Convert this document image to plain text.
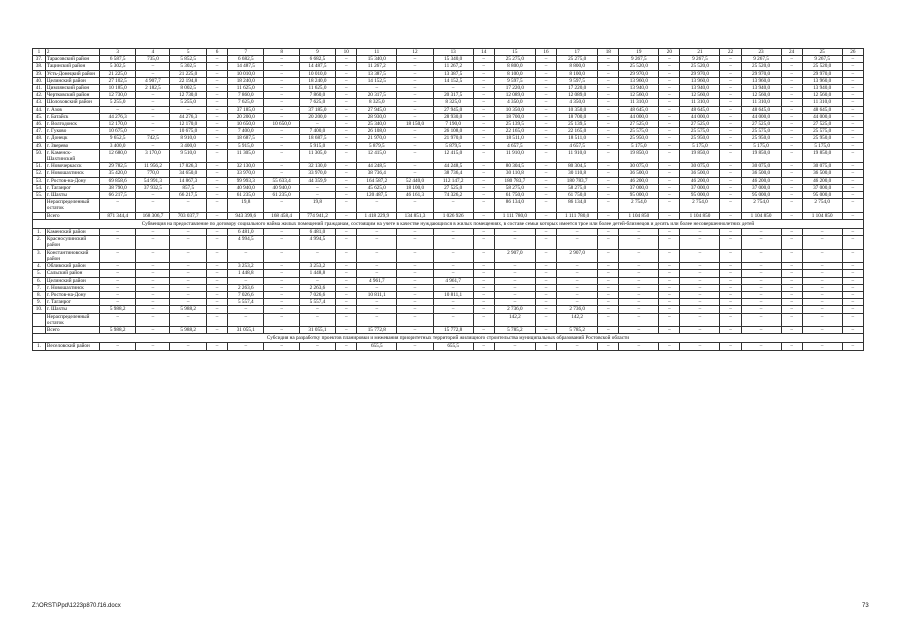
1	2	3	4	5	6	7	8	9	10	11	12	13	14	15	16	17	18	19	20	21	22	23	24	25	26
37.	Тарасовский район	6 587,5	735,0	5 852,5	–	6 682,5	–	6 682,5	–	15 340,0	–	15 340,0	–	25 275,0	–	25 275,0	–	9 267,5	–	9 267,5	–	9 267,5	–	9 267,5	–
38.	Тацинский район	5 302,5	–	5 302,5	–	14 487,5	–	14 487,5	–	11 267,2	–	11 267,2	–	8 800,0	–	8 800,0	–	25 520,0	–	25 520,0	–	25 520,0	–	25 520,0	–
39.	Усть-Донецкий район	21 225,0	–	21 225,0	–	10 010,0	–	10 010,0	–	13 387,5	–	13 387,5	–	8 100,0	–	8 100,0	–	29 970,0	–	29 970,0	–	29 970,0	–	29 970,0	–
40.	Целинский район	27 102,5	4 907,7	22 194,8	–	18 240,0	–	18 240,0	–	14 152,5	–	14 152,5	–	9 597,5	–	9 597,5	–	13 960,0	–	13 960,0	–	13 960,0	–	13 960,0	–
41.	Цимлянский район	10 185,0	2 182,5	8 002,5	–	11 625,0	–	11 625,0	–	–	–	–	–	17 220,0	–	17 220,0	–	13 940,0	–	13 940,0	–	13 940,0	–	13 940,0	–
42.	Чертковский район	12 730,0	–	12 730,0	–	7 860,0	–	7 860,0	–	20 317,5	–	20 317,5	–	12 089,0	–	12 089,0	–	12 560,0	–	12 560,0	–	12 560,0	–	12 560,0	–
43.	Шолоховский район	5 255,0	–	5 255,0	–	7 625,0	–	7 625,0	–	8 325,0	–	8 325,0	–	4 350,0	–	4 350,0	–	11 310,0	–	11 310,0	–	11 310,0	–	11 310,0	–
44.	г. Азов	–	–	–	–	37 185,0	–	37 185,0	–	27 945,0	–	27 945,0	–	10 350,0	–	10 350,0	–	48 645,0	–	48 645,0	–	48 645,0	–	48 645,0	–
45.	г. Батайск	44 276,3	–	44 276,3	–	20 200,0	–	20 200,0	–	28 930,0	–	28 930,0	–	18 700,0	–	18 700,0	–	44 000,0	–	44 000,0	–	44 000,0	–	44 000,0	–
46.	г. Волгодонск	12 170,0	–	12 170,0	–	10 650,0	10 650,0	–	–	25 340,0	18 150,0	7 190,0	–	25 139,5	–	25 139,5	–	27 525,0	–	27 525,0	–	27 525,0	–	27 525,0	–
47.	г. Гуково	10 675,0	–	10 675,0	–	7 400,0	–	7 400,0	–	26 108,0	–	26 108,0	–	22 165,0	–	22 165,0	–	25 575,0	–	25 575,0	–	25 575,0	–	25 575,0	–
48.	г. Донецк	9 652,5	742,5	8 910,0	–	18 687,5	–	18 687,5	–	21 970,0	–	21 970,0	–	18 511,0	–	18 511,0	–	25 950,0	–	25 950,0	–	25 950,0	–	25 950,0	–
49.	г. Зверево	3 400,0	–	3 400,0	–	5 915,0	–	5 915,0	–	5 879,5	–	5 879,5	–	4 657,5	–	4 657,5	–	5 175,0	–	5 175,0	–	5 175,0	–	5 175,0	–
50.	г. Каменск-Шахтинский	12 680,0	3 170,0	9 510,0	–	11 305,0	–	11 305,0	–	12 415,0	–	12 415,0	–	11 910,0	–	11 910,0	–	19 850,0	–	19 850,0	–	19 850,0	–	19 850,0	–
51.	г. Новочеркасск	29 782,5	11 956,2	17 826,3	–	32 130,0	–	32 130,0	–	44 248,5	–	44 248,5	–	80 304,5	–	80 304,5	–	30 075,0	–	30 075,0	–	30 075,0	–	30 075,0	–
52.	г. Новошахтинск	35 420,0	770,0	34 650,0	–	33 970,0	–	33 970,0	–	38 736,4	–	38 736,4	–	30 110,8	–	30 110,8	–	36 500,0	–	36 500,0	–	36 500,0	–	36 500,0	–
53.	г. Ростов-на-Дону	69 858,6	54 991,3	14 867,3	–	99 993,3	55 633,4	44 359,9	–	164 587,2	52 440,0	112 147,2	–	180 783,7	–	180 783,7	–	46 200,0	–	46 200,0	–	46 200,0	–	46 200,0	–
54.	г. Таганрог	38 790,0	37 932,5	857,5	–	40 940,0	40 940,0	–	–	45 625,0	18 100,0	27 525,0	–	58 275,0	–	58 275,0	–	37 000,0	–	37 000,0	–	37 000,0	–	37 000,0	–
55.	г. Шахты	66 217,5	–	66 217,5	–	61 235,0	61 235,0	–	–	120 487,5	46 161,3	74 326,2	–	61 750,0	–	61 750,0	–	95 000,0	–	95 000,0	–	95 000,0	–	95 000,0	–
	Нераспределенный остаток	–	–	–	–	19,8	–	19,8	–	–	–	–	–	86 134,0	–	86 134,0	–	2 754,0	–	2 754,0	–	2 754,0	–	2 754,0	–
	Всего	871 344,4	168 306,7	703 037,7	–	943 399,6	168 458,4	774 941,2	–	1 418 229,9	134 851,3	1 026 926	–	1 111 780,0	–	1 111 780,0	–	1 104 850	–	1 104 850	–	1 104 850	–	1 104 850	–
Субвенция на предоставление по договору социального найма жилых помещений гражданам, состоящим на учете в качестве нуждающихся в жилых помещениях, в составе семьи которых имеется трое или более детей-близнецов и десять или более несовершеннолетних детей																									
1.	Каменский район	–	–	–	–	6 481,0	–	6 481,0	–	–	–	–	–	–	–	–	–	–	–	–	–	–	–	–	–
2.	Красносулинский район	–	–	–	–	4 994,5	–	4 994,5	–	–	–	–	–	–	–	–	–	–	–	–	–	–	–	–	–
3.	Константиновский район	–	–	–	–	–	–	–	–	–	–	–	–	2 907,0	–	2 907,0	–	–	–	–	–	–	–	–	–
4.	Обливский район	–	–	–	–	3 253,2	–	3 253,2	–	–	–	–	–	–	–	–	–	–	–	–	–	–	–	–	–
5.	Сальский район	–	–	–	–	1 448,8	–	1 448,8	–	–	–	–	–	–	–	–	–	–	–	–	–	–	–	–	–
6.	Целинский район	–	–	–	–	–	–	–	–	4 961,7	–	4 961,7	–	–	–	–	–	–	–	–	–	–	–	–	–
7.	г. Новошахтинск	–	–	–	–	2 263,6	–	2 263,6	–	–	–	–	–	–	–	–	–	–	–	–	–	–	–	–	–
8.	г. Ростов-на-Дону	–	–	–	–	7 026,6	–	7 026,6	–	10 811,1	–	10 811,1	–	–	–	–	–	–	–	–	–	–	–	–	–
9.	г. Таганрог	–	–	–	–	5 557,4	–	5 557,4	–	–	–	–	–	–	–	–	–	–	–	–	–	–	–	–	–
10.	г. Шахты	5 988,2	–	5 988,2	–	–	–	–	–	–	–	–	–	2 736,0	–	2 736,0	–	–	–	–	–	–	–	–	–
	Нераспределенный остаток	–	–	–	–	–	–	–	–	–	–	–	–	142,2	–	142,2	–	–	–	–	–	–	–	–	–
	Всего	5 988,2	–	5 988,2	–	31 055,1	–	31 055,1	–	15 772,8	–	15 772,8	–	5 785,2	–	5 785,2	–	–	–	–	–	–	–	–	–
Субсидия на разработку проектов планировки и межевания приоритетных территорий жилищного строительства муниципальных образований Ростовской области																									
1.	Веселовский район	–	–	–	–	–	–	–	–	655,5	–	655,5	–	–	–	–	–	–	–	–	–	–	–	–	–
Z:\ORST\Ppd\1223p870.f16.docx	73
